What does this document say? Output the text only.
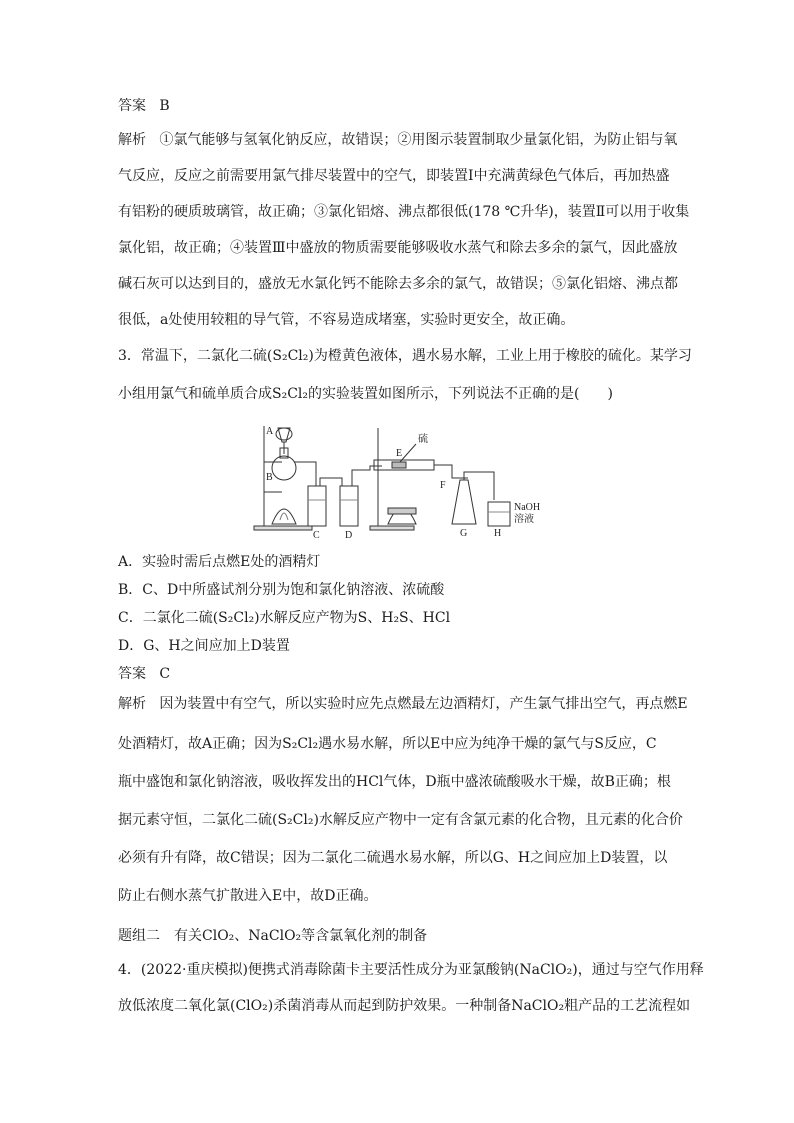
答案 B
解析 ①氯气能够与氢氧化钠反应，故错误；②用图示装置制取少量氯化铝，为防止铝与氧
气反应，反应之前需要用氯气排尽装置中的空气，即装置Ⅰ中充满黄绿色气体后，再加热盛
有铝粉的硬质玻璃管，故正确；③氯化铝熔、沸点都很低(178 ℃升华)，装置Ⅱ可以用于收集
氯化铝，故正确；④装置Ⅲ中盛放的物质需要能够吸收水蒸气和除去多余的氯气，因此盛放
碱石灰可以达到目的，盛放无水氯化钙不能除去多余的氯气，故错误；⑤氯化铝熔、沸点都
很低，a处使用较粗的导气管，不容易造成堵塞，实验时更安全，故正确。
3．常温下，二氯化二硫(S₂Cl₂)为橙黄色液体，遇水易水解，工业上用于橡胶的硫化。某学习
小组用氯气和硫单质合成S₂Cl₂的实验装置如图所示，下列说法不正确的是(　　)
A
B
C	D
E
硫
F
G	H
NaOH
溶液
A．实验时需后点燃E处的酒精灯
B．C、D中所盛试剂分别为饱和氯化钠溶液、浓硫酸
C．二氯化二硫(S₂Cl₂)水解反应产物为S、H₂S、HCl
D．G、H之间应加上D装置
答案 C
解析 因为装置中有空气，所以实验时应先点燃最左边酒精灯，产生氯气排出空气，再点燃E
处酒精灯，故A正确；因为S₂Cl₂遇水易水解，所以E中应为纯净干燥的氯气与S反应，C
瓶中盛饱和氯化钠溶液，吸收挥发出的HCl气体，D瓶中盛浓硫酸吸水干燥，故B正确；根
据元素守恒，二氯化二硫(S₂Cl₂)水解反应产物中一定有含氯元素的化合物，且元素的化合价
必须有升有降，故C错误；因为二氯化二硫遇水易水解，所以G、H之间应加上D装置，以
防止右侧水蒸气扩散进入E中，故D正确。
题组二　有关ClO₂、NaClO₂等含氯氧化剂的制备
4．(2022·重庆模拟)便携式消毒除菌卡主要活性成分为亚氯酸钠(NaClO₂)，通过与空气作用释
放低浓度二氧化氯(ClO₂)杀菌消毒从而起到防护效果。一种制备NaClO₂粗产品的工艺流程如
